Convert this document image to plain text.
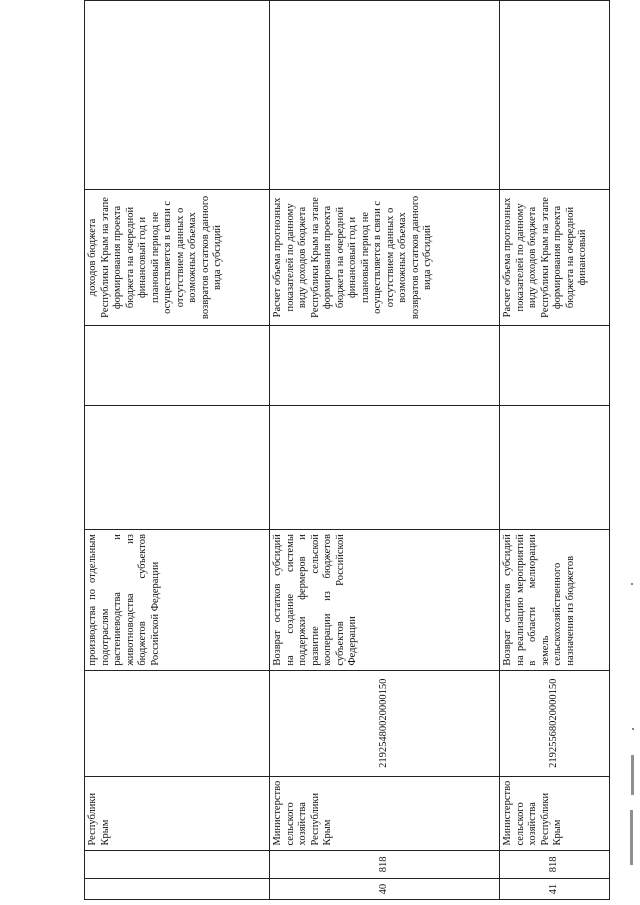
		Республики Крым		производства по отдельным подотраслям растениеводства и животноводства из бюджетов субъектов Российской Федерации			доходов бюджета Республики Крым на этапе формирования проекта бюджета на очередной финансовый год и плановый период не осуществляется в связи с отсутствием данных о возможных объемах возвратов остатков данного вида субсидий	
40	818	Министерство сельского хозяйства Республики Крым	21925480020000150	Возврат остатков субсидий на создание системы поддержки фермеров и развитие сельской кооперации из бюджетов субъектов Российской Федерации			Расчет объема прогнозных показателей по данному виду доходов бюджета Республики Крым на этапе формирования проекта бюджета на очередной финансовый год и плановый период не осуществляется в связи с отсутствием данных о возможных объемах возвратов остатков данного вида субсидий	
41	818	Министерство сельского хозяйства Республики Крым	21925568020000150	Возврат остатков субсидий на реализацию мероприятий в области мелиорации земель сельскохозяйственного назначения из бюджетов			Расчет объема прогнозных показателей по данному виду доходов бюджета Республики Крым на этапе формирования проекта бюджета на очередной финансовый	
